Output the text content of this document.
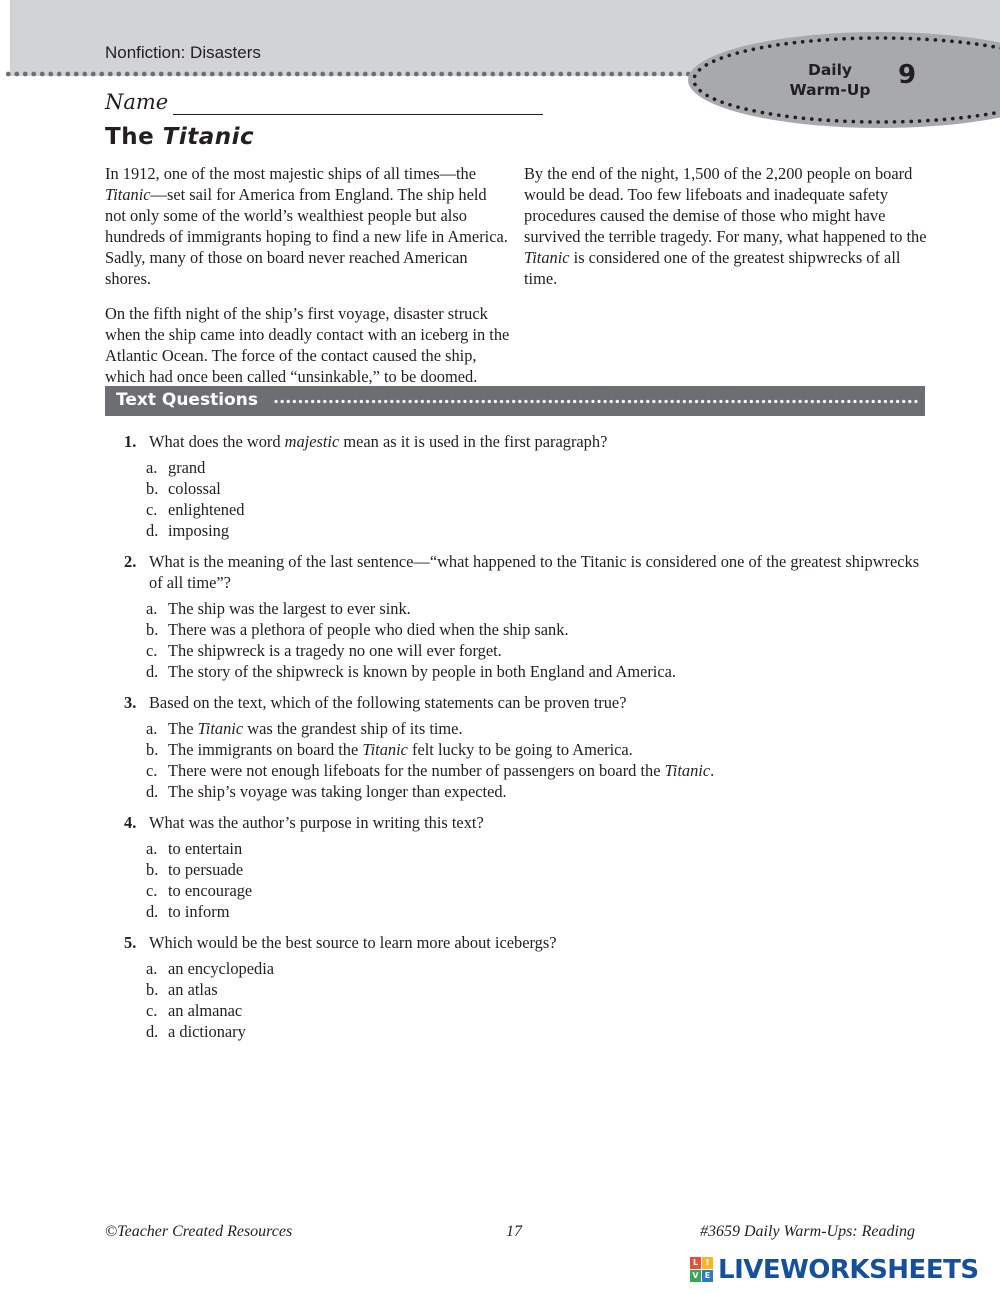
Nonfiction: Disasters
Daily
Warm-Up 9
Name
The Titanic

In 1912, one of the most majestic ships of all times—the Titanic—set sail for America from England. The ship held not only some of the world’s wealthiest people but also hundreds of immigrants hoping to find a new life in America. Sadly, many of those on board never reached American shores.

On the fifth night of the ship’s first voyage, disaster struck when the ship came into deadly contact with an iceberg in the Atlantic Ocean. The force of the contact caused the ship, which had once been called “unsinkable,” to be doomed.

By the end of the night, 1,500 of the 2,200 people on board would be dead. Too few lifeboats and inadequate safety procedures caused the demise of those who might have survived the terrible tragedy. For many, what happened to the Titanic is considered one of the greatest shipwrecks of all time.

Text Questions
1. What does the word majestic mean as it is used in the first paragraph?
a. grand
b. colossal
c. enlightened
d. imposing
2. What is the meaning of the last sentence—“what happened to the Titanic is considered one of the greatest shipwrecks of all time”?
a. The ship was the largest to ever sink.
b. There was a plethora of people who died when the ship sank.
c. The shipwreck is a tragedy no one will ever forget.
d. The story of the shipwreck is known by people in both England and America.
3. Based on the text, which of the following statements can be proven true?
a. The Titanic was the grandest ship of its time.
b. The immigrants on board the Titanic felt lucky to be going to America.
c. There were not enough lifeboats for the number of passengers on board the Titanic.
d. The ship’s voyage was taking longer than expected.
4. What was the author’s purpose in writing this text?
a. to entertain
b. to persuade
c. to encourage
d. to inform
5. Which would be the best source to learn more about icebergs?
a. an encyclopedia
b. an atlas
c. an almanac
d. a dictionary
©Teacher Created Resources	17	#3659 Daily Warm-Ups: Reading
L I
V E LIVEWORKSHEETS
